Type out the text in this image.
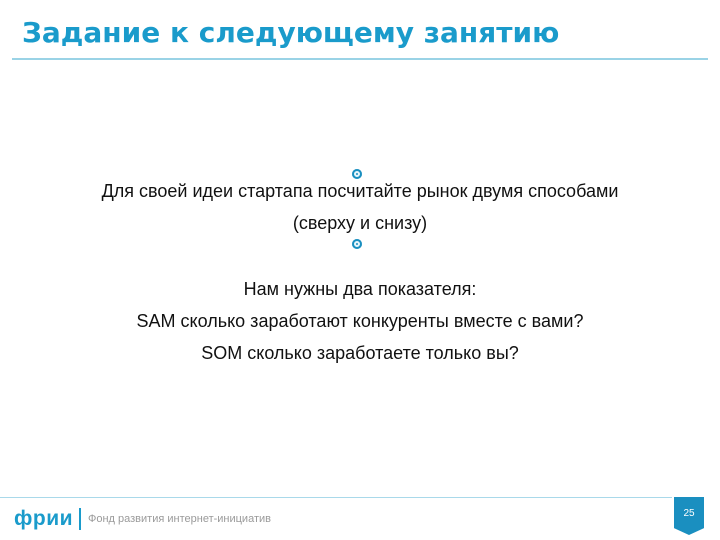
Задание к следующему занятию
Для своей идеи стартапа посчитайте рынок двумя способами
(сверху и снизу)
Нам нужны два показателя:
SAM сколько заработают конкуренты вместе с вами?
SOM сколько заработаете только вы?
фрии Фонд развития интернет-инициатив	25
